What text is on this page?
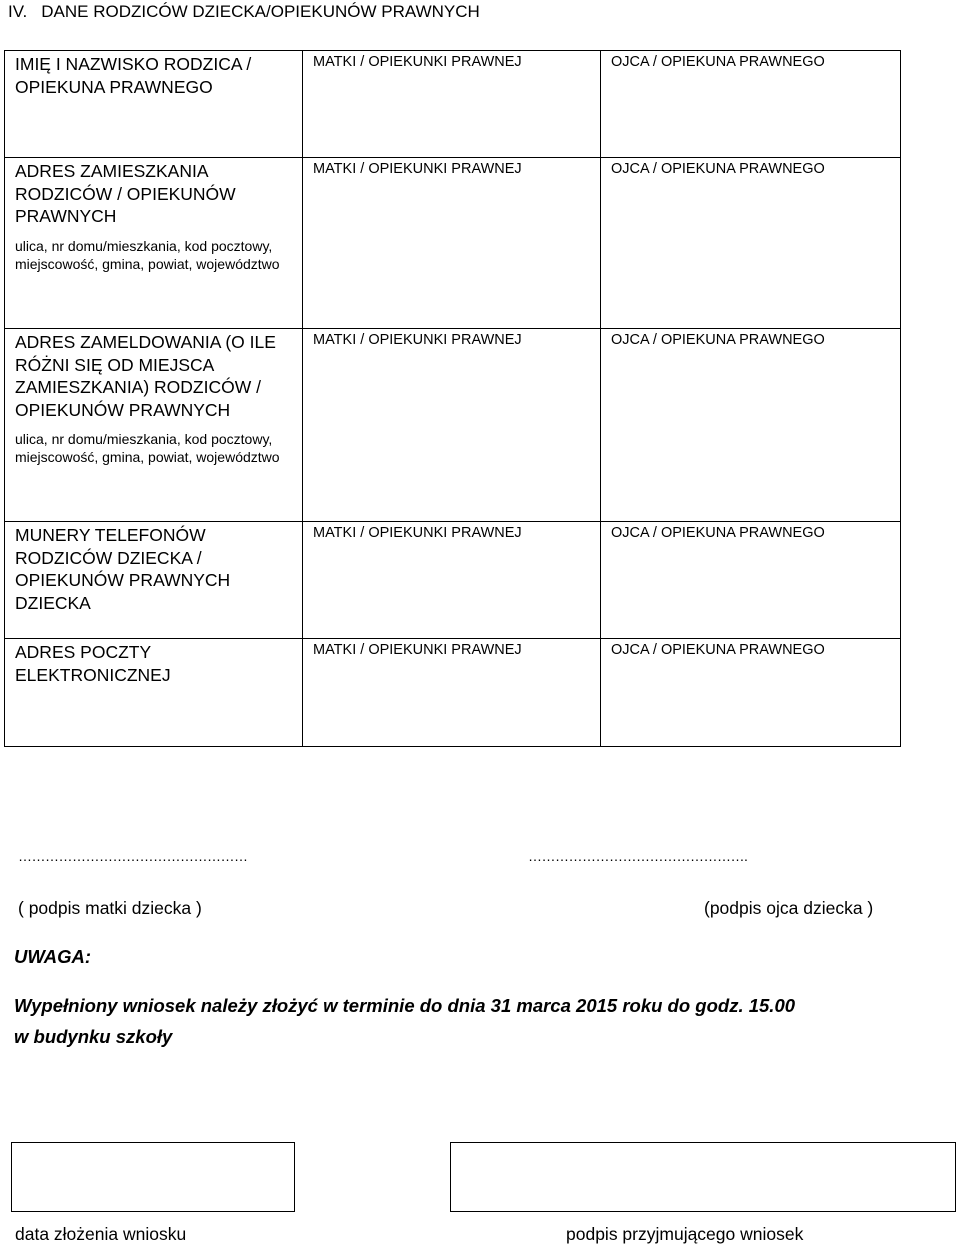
IV. DANE RODZICÓW DZIECKA/OPIEKUNÓW PRAWNYCH
IMIĘ I NAZWISKO RODZICA / OPIEKUNA PRAWNEGO	MATKI / OPIEKUNKI PRAWNEJ	OJCA / OPIEKUNA PRAWNEGO

ADRES ZAMIESZKANIA RODZICÓW / OPIEKUNÓW PRAWNYCH
ulica, nr domu/mieszkania, kod pocztowy, miejscowość, gmina, powiat, województwo	MATKI / OPIEKUNKI PRAWNEJ	OJCA / OPIEKUNA PRAWNEGO

ADRES ZAMELDOWANIA (O ILE RÓŻNI SIĘ OD MIEJSCA ZAMIESZKANIA) RODZICÓW / OPIEKUNÓW PRAWNYCH
ulica, nr domu/mieszkania, kod pocztowy, miejscowość, gmina, powiat, województwo	MATKI / OPIEKUNKI PRAWNEJ	OJCA / OPIEKUNA PRAWNEGO

MUNERY TELEFONÓW RODZICÓW DZIECKA / OPIEKUNÓW PRAWNYCH DZIECKA	MATKI / OPIEKUNKI PRAWNEJ	OJCA / OPIEKUNA PRAWNEGO

ADRES POCZTY ELEKTRONICZNEJ	MATKI / OPIEKUNKI PRAWNEJ	OJCA / OPIEKUNA PRAWNEGO
……………………………………………	………………………………………….
( podpis matki dziecka )	(podpis ojca dziecka )
UWAGA:
Wypełniony wniosek należy złożyć w terminie do dnia 31 marca 2015 roku do godz. 15.00
w budynku szkoły
data złożenia wniosku	podpis przyjmującego wniosek
